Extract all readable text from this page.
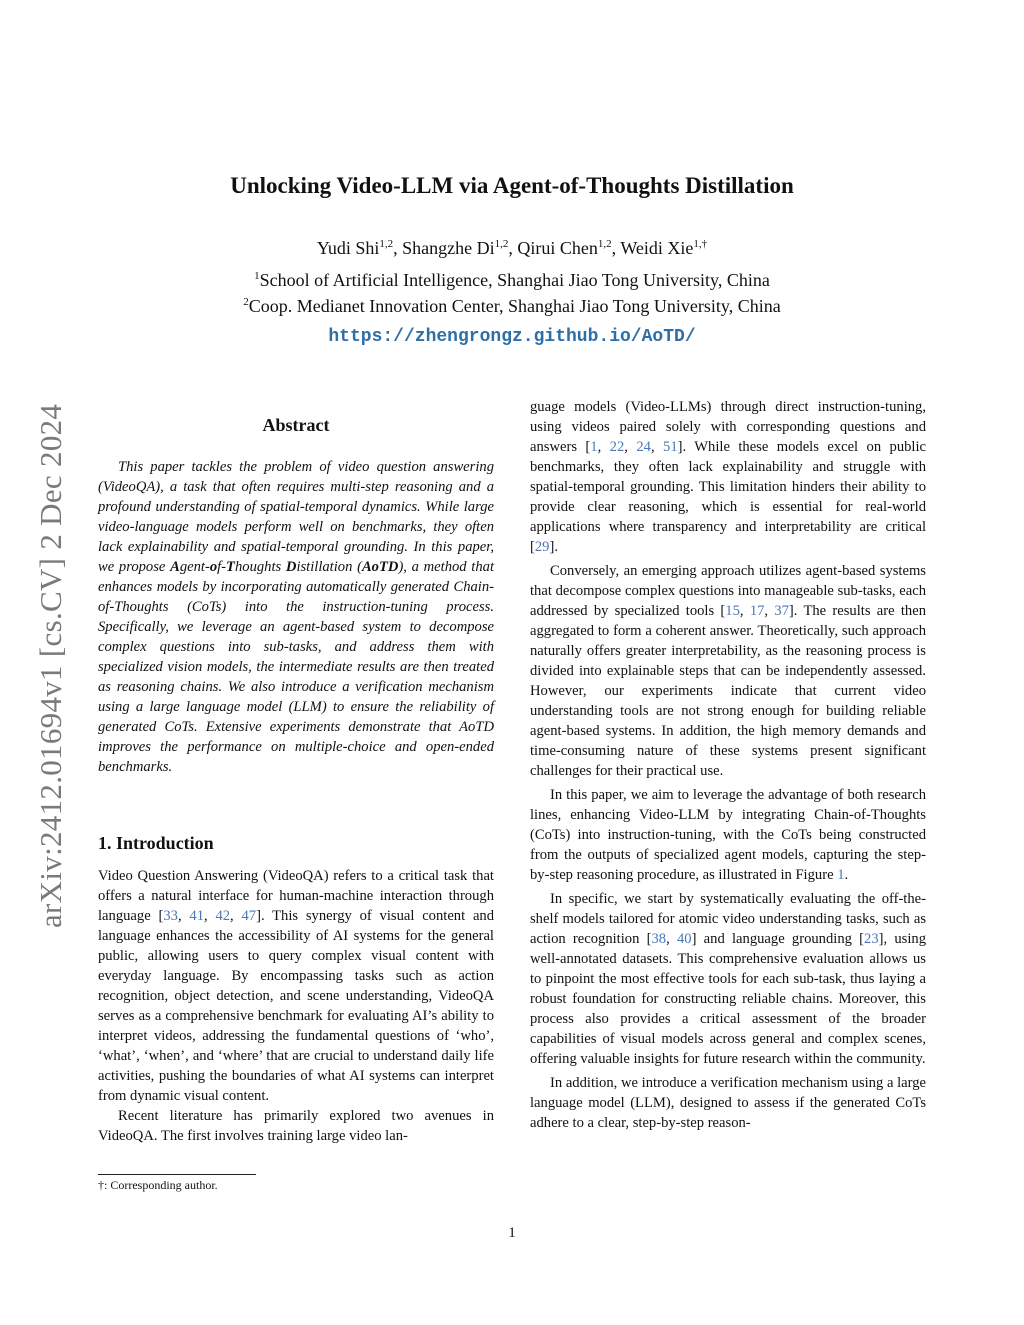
arXiv:2412.01694v1 [cs.CV] 2 Dec 2024
Unlocking Video-LLM via Agent-of-Thoughts Distillation
Yudi Shi$^{1,2}$, Shangzhe Di$^{1,2}$, Qirui Chen$^{1,2}$, Weidi Xie$^{1,\dagger}$
$^1$School of Artificial Intelligence, Shanghai Jiao Tong University, China
$^2$Coop. Medianet Innovation Center, Shanghai Jiao Tong University, China
https://zhengrongz.github.io/AoTD/
Abstract
This paper tackles the problem of video question answering (VideoQA), a task that often requires multi-step reasoning and a profound understanding of spatial-temporal dynamics. While large video-language models perform well on benchmarks, they often lack explainability and spatial-temporal grounding. In this paper, we propose Agent-of-Thoughts Distillation (AoTD), a method that enhances models by incorporating automatically generated Chain-of-Thoughts (CoTs) into the instruction-tuning process. Specifically, we leverage an agent-based system to decompose complex questions into sub-tasks, and address them with specialized vision models, the intermediate results are then treated as reasoning chains. We also introduce a verification mechanism using a large language model (LLM) to ensure the reliability of generated CoTs. Extensive experiments demonstrate that AoTD improves the performance on multiple-choice and open-ended benchmarks.
1. Introduction

Video Question Answering (VideoQA) refers to a critical task that offers a natural interface for human-machine interaction through language [33, 41, 42, 47]. This synergy of visual content and language enhances the accessibility of AI systems for the general public, allowing users to query complex visual content with everyday language. By encompassing tasks such as action recognition, object detection, and scene understanding, VideoQA serves as a comprehensive benchmark for evaluating AI’s ability to interpret videos, addressing the fundamental questions of ‘who’, ‘what’, ‘when’, and ‘where’ that are crucial to understand daily life activities, pushing the boundaries of what AI systems can interpret from dynamic visual content.

Recent literature has primarily explored two avenues in VideoQA. The first involves training large video lan-

†: Corresponding author.

guage models (Video-LLMs) through direct instruction-tuning, using videos paired solely with corresponding questions and answers [1, 22, 24, 51]. While these models excel on public benchmarks, they often lack explainability and struggle with spatial-temporal grounding. This limitation hinders their ability to provide clear reasoning, which is essential for real-world applications where transparency and interpretability are critical [29].

Conversely, an emerging approach utilizes agent-based systems that decompose complex questions into manageable sub-tasks, each addressed by specialized tools [15, 17, 37]. The results are then aggregated to form a coherent answer. Theoretically, such approach naturally offers greater interpretability, as the reasoning process is divided into explainable steps that can be independently assessed. However, our experiments indicate that current video understanding tools are not strong enough for building reliable agent-based systems. In addition, the high memory demands and time-consuming nature of these systems present significant challenges for their practical use.

In this paper, we aim to leverage the advantage of both research lines, enhancing Video-LLM by integrating Chain-of-Thoughts (CoTs) into instruction-tuning, with the CoTs being constructed from the outputs of specialized agent models, capturing the step-by-step reasoning procedure, as illustrated in Figure 1.

In specific, we start by systematically evaluating the off-the-shelf models tailored for atomic video understanding tasks, such as action recognition [38, 40] and language grounding [23], using well-annotated datasets. This comprehensive evaluation allows us to pinpoint the most effective tools for each sub-task, thus laying a robust foundation for constructing reliable chains. Moreover, this process also provides a critical assessment of the broader capabilities of visual models across general and complex scenes, offering valuable insights for future research within the community.

In addition, we introduce a verification mechanism using a large language model (LLM), designed to assess if the generated CoTs adhere to a clear, step-by-step reason-

1
